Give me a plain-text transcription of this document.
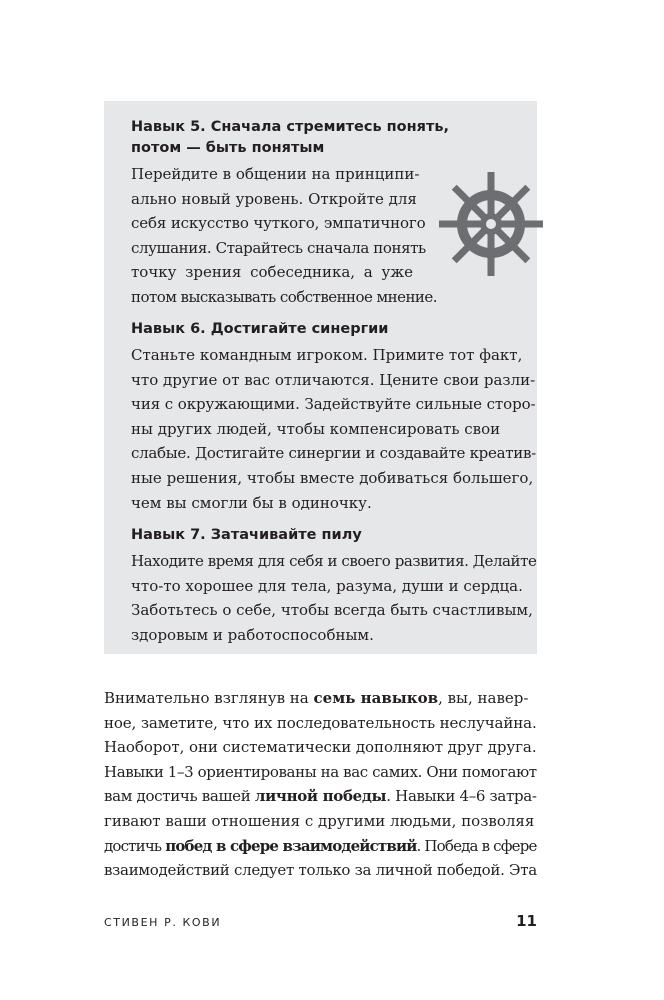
Навык 5. Сначала стремитесь понять,

потом — быть понятым

Перейдите в общении на принципи-
ально новый уровень. Откройте для
себя искусство чуткого, эмпатичного
слушания. Старайтесь сначала понять
точку зрения собеседника, а уже
потом высказывать собственное мнение.

Навык 6. Достигайте синергии

Станьте командным игроком. Примите тот факт,
что другие от вас отличаются. Цените свои разли-
чия с окружающими. Задействуйте сильные сторо-
ны других людей, чтобы компенсировать свои
слабые. Достигайте синергии и создавайте креатив-
ные решения, чтобы вместе добиваться большего,
чем вы смогли бы в одиночку.

Навык 7. Затачивайте пилу

Находите время для себя и своего развития. Делайте
что-то хорошее для тела, разума, души и сердца.
Заботьтесь о себе, чтобы всегда быть счастливым,
здоровым и работоспособным.
Внимательно взглянув на семь навыков, вы, навер-
ное, заметите, что их последовательность неслучайна.
Наоборот, они систематически дополняют друг друга.
Навыки 1–3 ориентированы на вас самих. Они помогают
вам достичь вашей личной победы. Навыки 4–6 затра-
гивают ваши отношения с другими людьми, позволяя
достичь побед в сфере взаимодействий. Победа в сфере
взаимодействий следует только за личной победой. Эта
СТИВЕН Р. КОВИ	11
